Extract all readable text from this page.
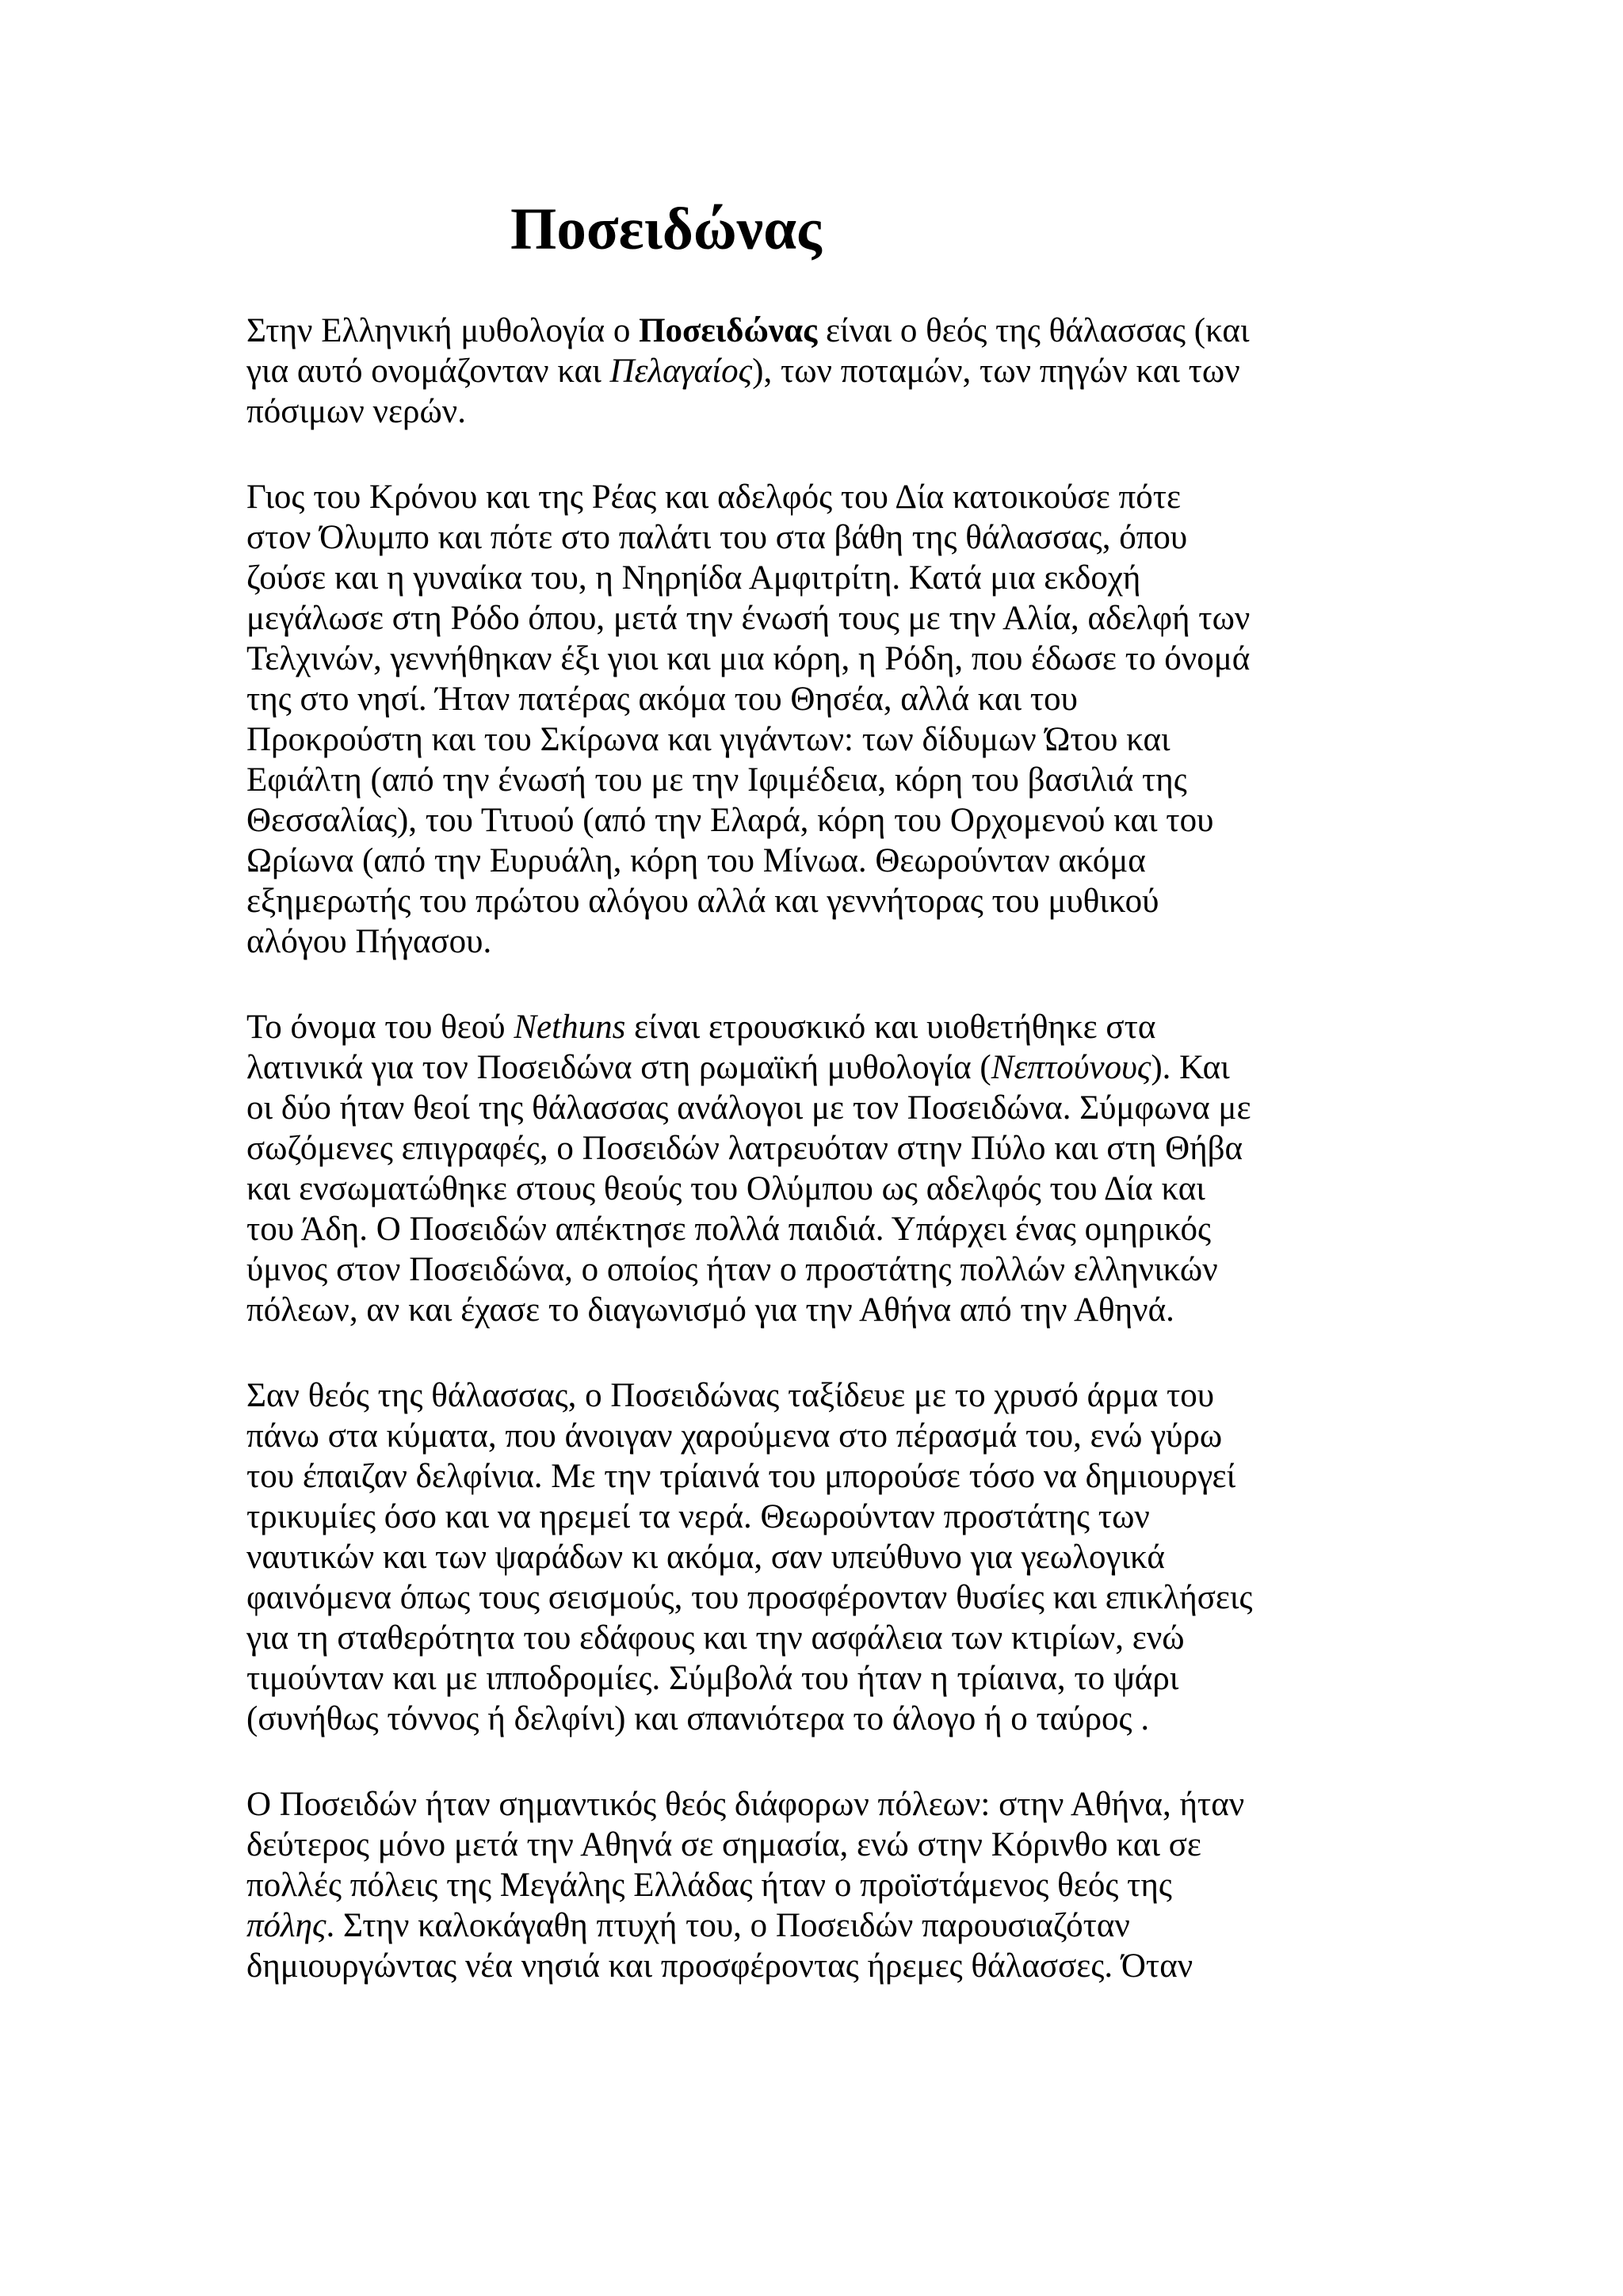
Ποσειδώνας

Στην Ελληνική μυθολογία ο Ποσειδώνας είναι ο θεός της θάλασσας (και
για αυτό ονομάζονταν και Πελαγαίος), των ποταμών, των πηγών και των
πόσιμων νερών.

Γιος του Κρόνου και της Ρέας και αδελφός του Δία κατοικούσε πότε
στον Όλυμπο και πότε στο παλάτι του στα βάθη της θάλασσας, όπου
ζούσε και η γυναίκα του, η Νηρηίδα Αμφιτρίτη. Κατά μια εκδοχή
μεγάλωσε στη Ρόδο όπου, μετά την ένωσή τους με την Αλία, αδελφή των
Τελχινών, γεννήθηκαν έξι γιοι και μια κόρη, η Ρόδη, που έδωσε το όνομά
της στο νησί. Ήταν πατέρας ακόμα του Θησέα, αλλά και του
Προκρούστη και του Σκίρωνα και γιγάντων: των δίδυμων Ώτου και
Εφιάλτη (από την ένωσή του με την Ιφιμέδεια, κόρη του βασιλιά της
Θεσσαλίας), του Τιτυού (από την Ελαρά, κόρη του Ορχομενού και του
Ωρίωνα (από την Ευρυάλη, κόρη του Μίνωα. Θεωρούνταν ακόμα
εξημερωτής του πρώτου αλόγου αλλά και γεννήτορας του μυθικού
αλόγου Πήγασου.

Το όνομα του θεού Nethuns είναι ετρουσκικό και υιοθετήθηκε στα
λατινικά για τον Ποσειδώνα στη ρωμαϊκή μυθολογία (Νεπτούνους). Και
οι δύο ήταν θεοί της θάλασσας ανάλογοι με τον Ποσειδώνα. Σύμφωνα με
σωζόμενες επιγραφές, ο Ποσειδών λατρευόταν στην Πύλο και στη Θήβα
και ενσωματώθηκε στους θεούς του Ολύμπου ως αδελφός του Δία και
του Άδη. Ο Ποσειδών απέκτησε πολλά παιδιά. Υπάρχει ένας ομηρικός
ύμνος στον Ποσειδώνα, ο οποίος ήταν ο προστάτης πολλών ελληνικών
πόλεων, αν και έχασε το διαγωνισμό για την Αθήνα από την Αθηνά.

Σαν θεός της θάλασσας, ο Ποσειδώνας ταξίδευε με το χρυσό άρμα του
πάνω στα κύματα, που άνοιγαν χαρούμενα στο πέρασμά του, ενώ γύρω
του έπαιζαν δελφίνια. Με την τρίαινά του μπορούσε τόσο να δημιουργεί
τρικυμίες όσο και να ηρεμεί τα νερά. Θεωρούνταν προστάτης των
ναυτικών και των ψαράδων κι ακόμα, σαν υπεύθυνο για γεωλογικά
φαινόμενα όπως τους σεισμούς, του προσφέρονταν θυσίες και επικλήσεις
για τη σταθερότητα του εδάφους και την ασφάλεια των κτιρίων, ενώ
τιμούνταν και με ιπποδρομίες. Σύμβολά του ήταν η τρίαινα, το ψάρι
(συνήθως τόννος ή δελφίνι) και σπανιότερα το άλογο ή ο ταύρος .

Ο Ποσειδών ήταν σημαντικός θεός διάφορων πόλεων: στην Αθήνα, ήταν
δεύτερος μόνο μετά την Αθηνά σε σημασία, ενώ στην Κόρινθο και σε
πολλές πόλεις της Μεγάλης Ελλάδας ήταν ο προϊστάμενος θεός της
πόλης. Στην καλοκάγαθη πτυχή του, ο Ποσειδών παρουσιαζόταν
δημιουργώντας νέα νησιά και προσφέροντας ήρεμες θάλασσες. Όταν
